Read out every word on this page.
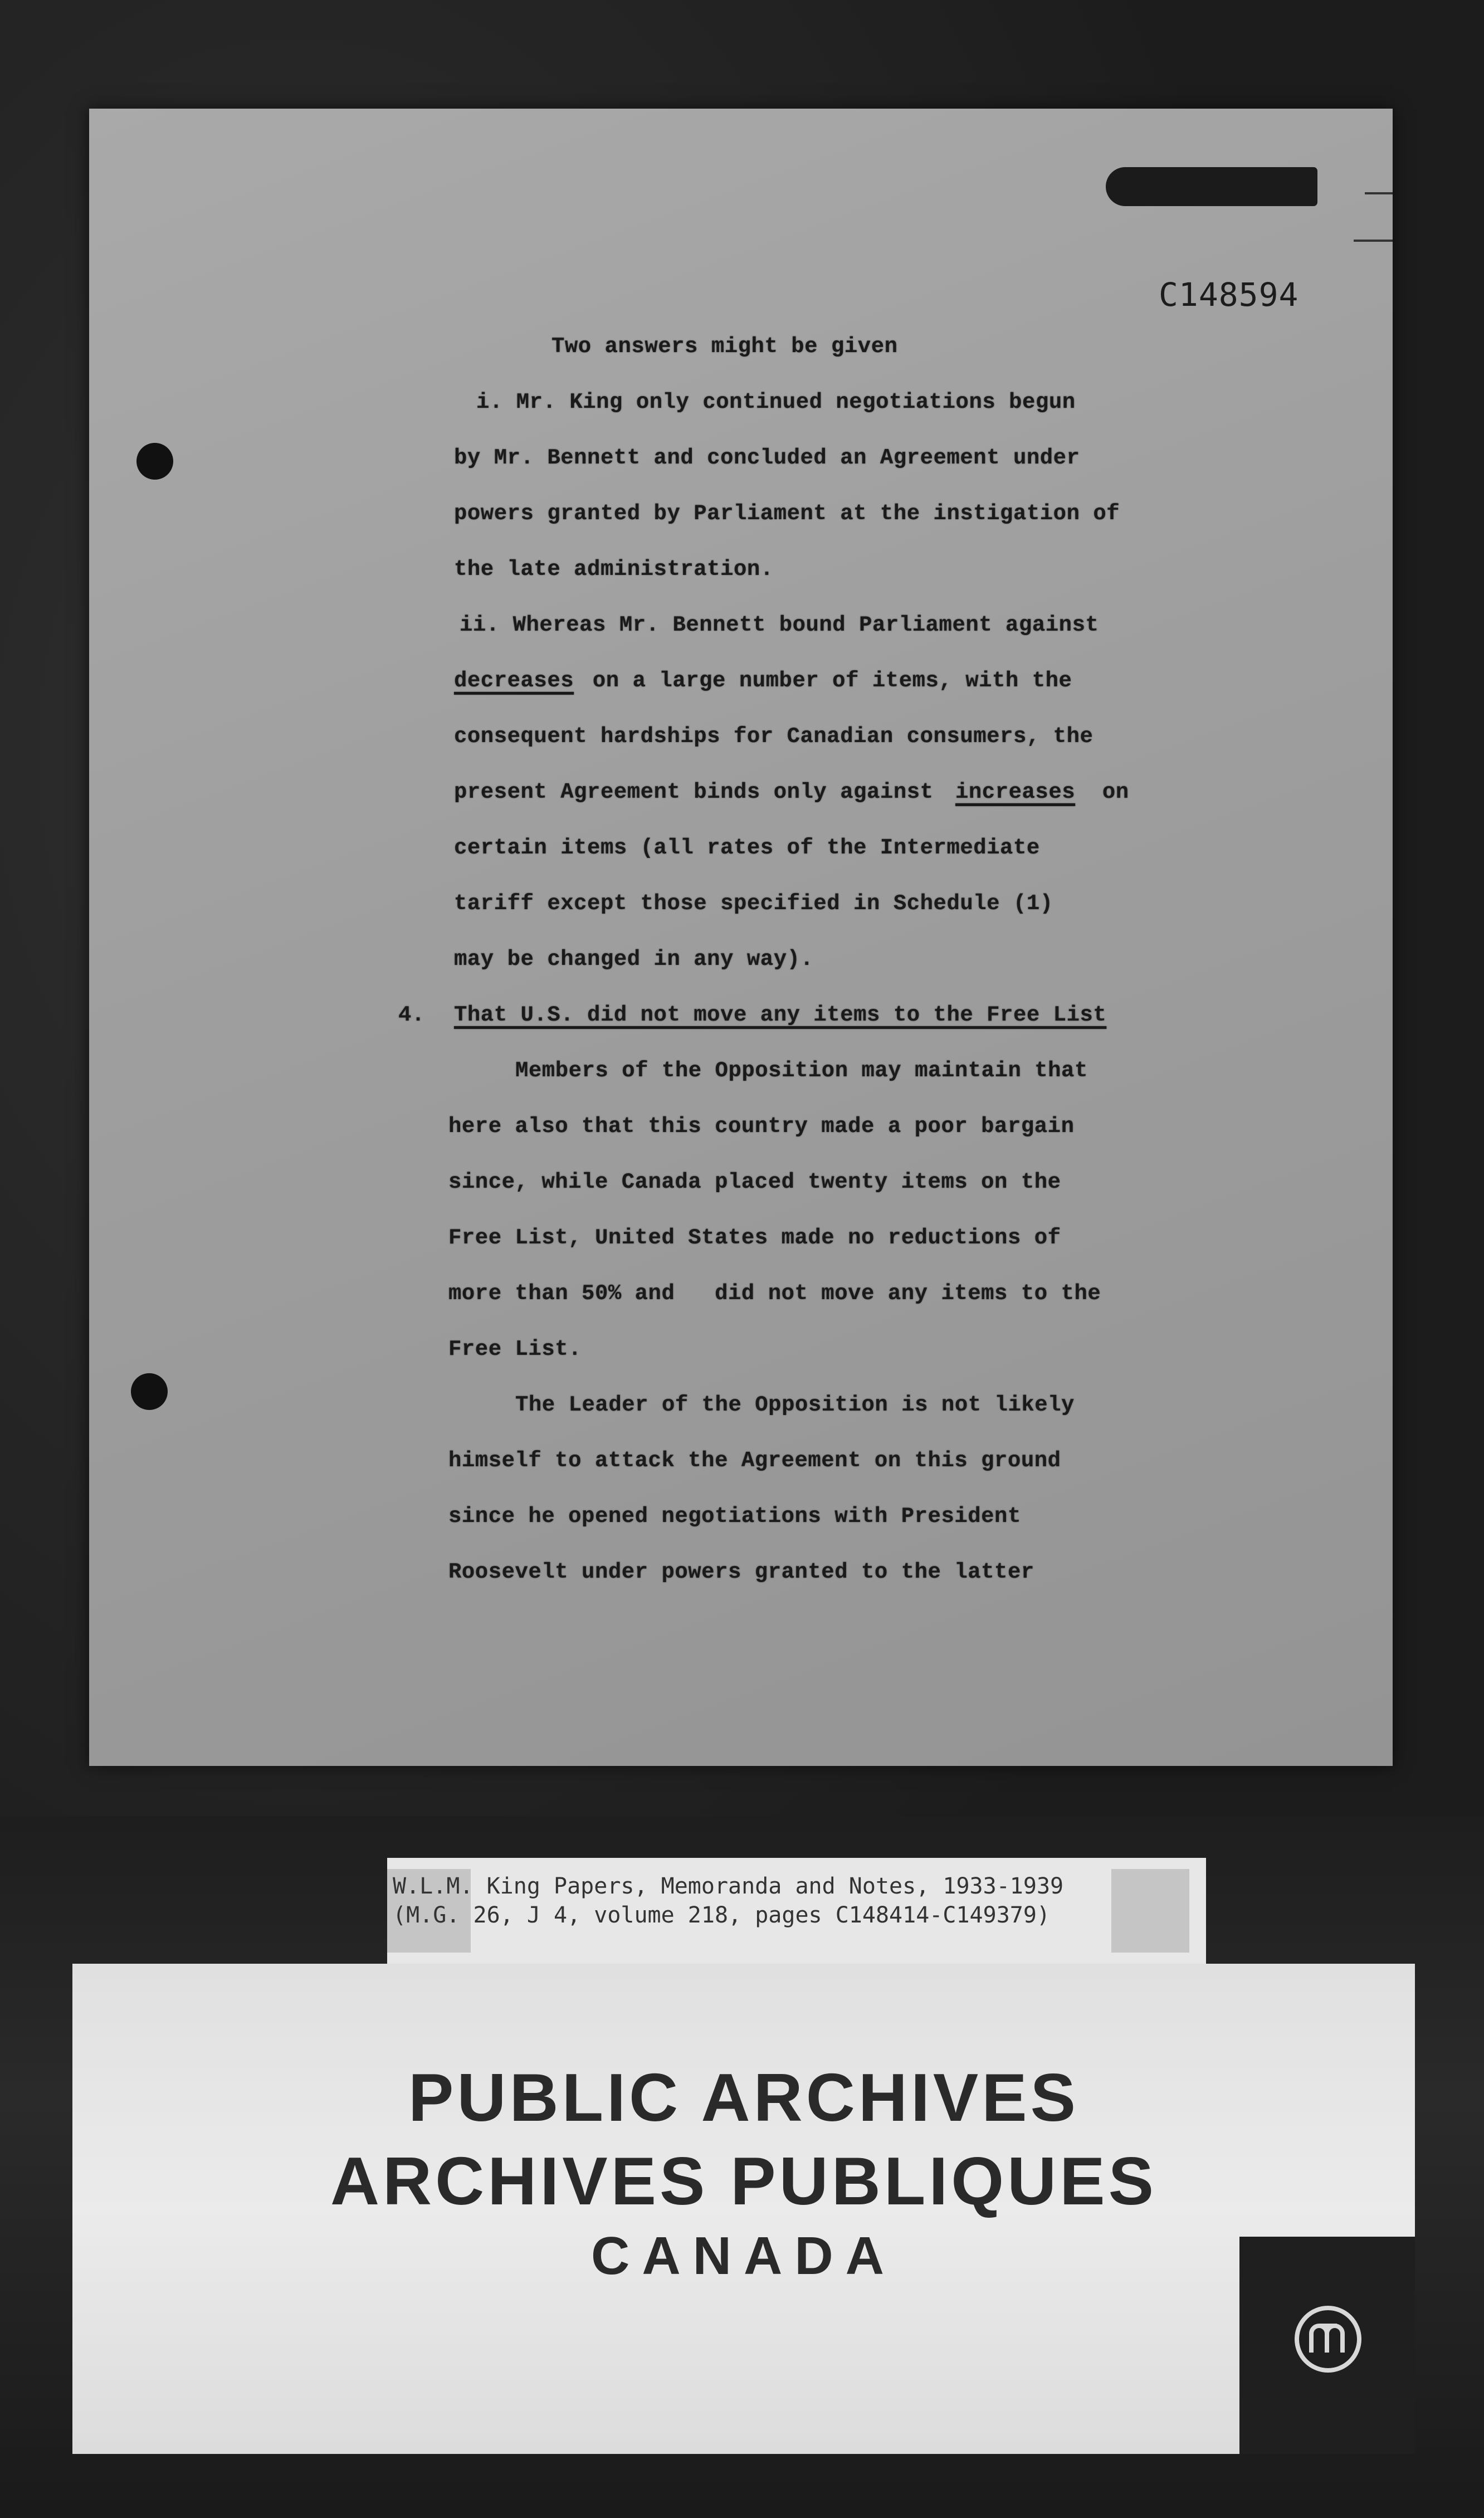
C148594
Two answers might be given
i. Mr. King only continued negotiations begun
by Mr. Bennett and concluded an Agreement under
powers granted by Parliament at the instigation of
the late administration.
ii. Whereas Mr. Bennett bound Parliament against
decreases on a large number of items, with the
consequent hardships for Canadian consumers, the
present Agreement binds only against increases on
certain items (all rates of the Intermediate
tariff except those specified in Schedule (1)
may be changed in any way).
4. That U.S. did not move any items to the Free List
Members of the Opposition may maintain that
here also that this country made a poor bargain
since, while Canada placed twenty items on the
Free List, United States made no reductions of
more than 50% and   did not move any items to the
Free List.
The Leader of the Opposition is not likely
himself to attack the Agreement on this ground
since he opened negotiations with President
Roosevelt under powers granted to the latter
W.L.M. King Papers, Memoranda and Notes, 1933-1939
(M.G. 26, J 4, volume 218, pages C148414-C149379)
PUBLIC ARCHIVES
ARCHIVES PUBLIQUES
CANADA
